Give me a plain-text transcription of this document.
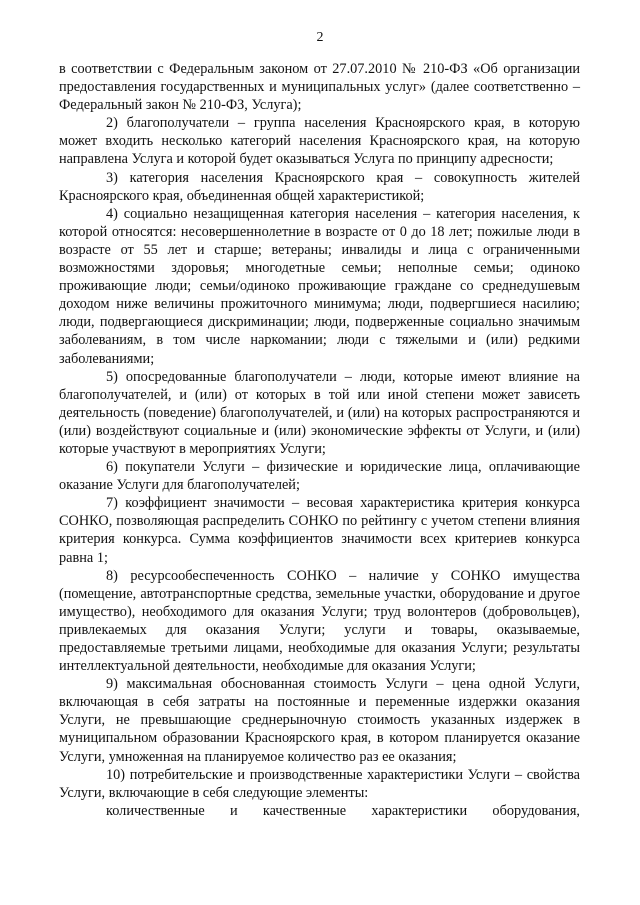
2

в соответствии с Федеральным законом от 27.07.2010 № 210-ФЗ «Об организации предоставления государственных и муниципальных услуг» (далее соответственно – Федеральный закон № 210-ФЗ, Услуга);

2) благополучатели – группа населения Красноярского края, в которую может входить несколько категорий населения Красноярского края, на которую направлена Услуга и которой будет оказываться Услуга по принципу адресности;

3) категория населения Красноярского края – совокупность жителей Красноярского края, объединенная общей характеристикой;

4) социально незащищенная категория населения – категория населения, к которой относятся: несовершеннолетние в возрасте от 0 до 18 лет; пожилые люди в возрасте от 55 лет и старше; ветераны; инвалиды и лица с ограниченными возможностями здоровья; многодетные семьи; неполные семьи; одиноко проживающие люди; семьи/одиноко проживающие граждане со среднедушевым доходом ниже величины прожиточного минимума; люди, подвергшиеся насилию; люди, подвергающиеся дискриминации; люди, подверженные социально значимым заболеваниям, в том числе наркомании; люди с тяжелыми и (или) редкими заболеваниями;

5) опосредованные благополучатели – люди, которые имеют влияние на благополучателей, и (или) от которых в той или иной степени может зависеть деятельность (поведение) благополучателей, и (или) на которых распространяются и (или) воздействуют социальные и (или) экономические эффекты от Услуги, и (или) которые участвуют в мероприятиях Услуги;

6) покупатели Услуги – физические и юридические лица, оплачивающие оказание Услуги для благополучателей;

7) коэффициент значимости – весовая характеристика критерия конкурса СОНКО, позволяющая распределить СОНКО по рейтингу с учетом степени влияния критерия конкурса. Сумма коэффициентов значимости всех критериев конкурса равна 1;

8) ресурсообеспеченность СОНКО – наличие у СОНКО имущества (помещение, автотранспортные средства, земельные участки, оборудование и другое имущество), необходимого для оказания Услуги; труд волонтеров (добровольцев), привлекаемых для оказания Услуги; услуги и товары, оказываемые, предоставляемые третьими лицами, необходимые для оказания Услуги; результаты интеллектуальной деятельности, необходимые для оказания Услуги;

9) максимальная обоснованная стоимость Услуги – цена одной Услуги, включающая в себя затраты на постоянные и переменные издержки оказания Услуги, не превышающие среднерыночную стоимость указанных издержек в муниципальном образовании Красноярского края, в котором планируется оказание Услуги, умноженная на планируемое количество раз ее оказания;

10) потребительские и производственные характеристики Услуги – свойства Услуги, включающие в себя следующие элементы:

количественные и качественные характеристики оборудования,
